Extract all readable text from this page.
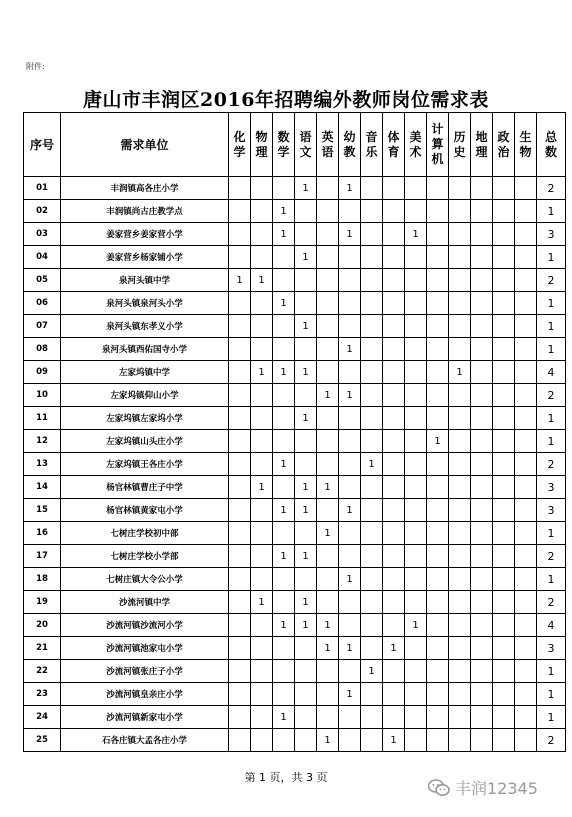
附件:
唐山市丰润区2016年招聘编外教师岗位需求表
序号	需求单位	化学	物理	数学	语文	英语	幼教	音乐	体育	美术	计算机	历史	地理	政治	生物	总数
01	丰润镇高各庄小学				1		1									2
02	丰润镇尚古庄教学点			1												1
03	姜家营乡姜家营小学			1			1			1						3
04	姜家营乡杨家铺小学				1											1
05	泉河头镇中学	1	1													2
06	泉河头镇泉河头小学			1												1
07	泉河头镇东孝义小学				1											1
08	泉河头镇西佑国寺小学						1									1
09	左家坞镇中学		1	1	1							1				4
10	左家坞镇仰山小学					1	1									2
11	左家坞镇左家坞小学				1											1
12	左家坞镇山头庄小学										1					1
13	左家坞镇王各庄小学			1				1								2
14	杨官林镇曹庄子中学		1		1	1										3
15	杨官林镇黄家屯小学			1	1		1									3
16	七树庄学校初中部					1										1
17	七树庄学校小学部			1	1											2
18	七树庄镇大令公小学						1									1
19	沙流河镇中学		1		1											2
20	沙流河镇沙流河小学			1	1	1				1						4
21	沙流河镇池家屯小学					1	1		1							3
22	沙流河镇张庄子小学							1								1
23	沙流河镇皇亲庄小学						1									1
24	沙流河镇新家屯小学			1												1
25	石各庄镇大孟各庄小学					1			1							2
第 1 页，共 3 页
丰润12345
